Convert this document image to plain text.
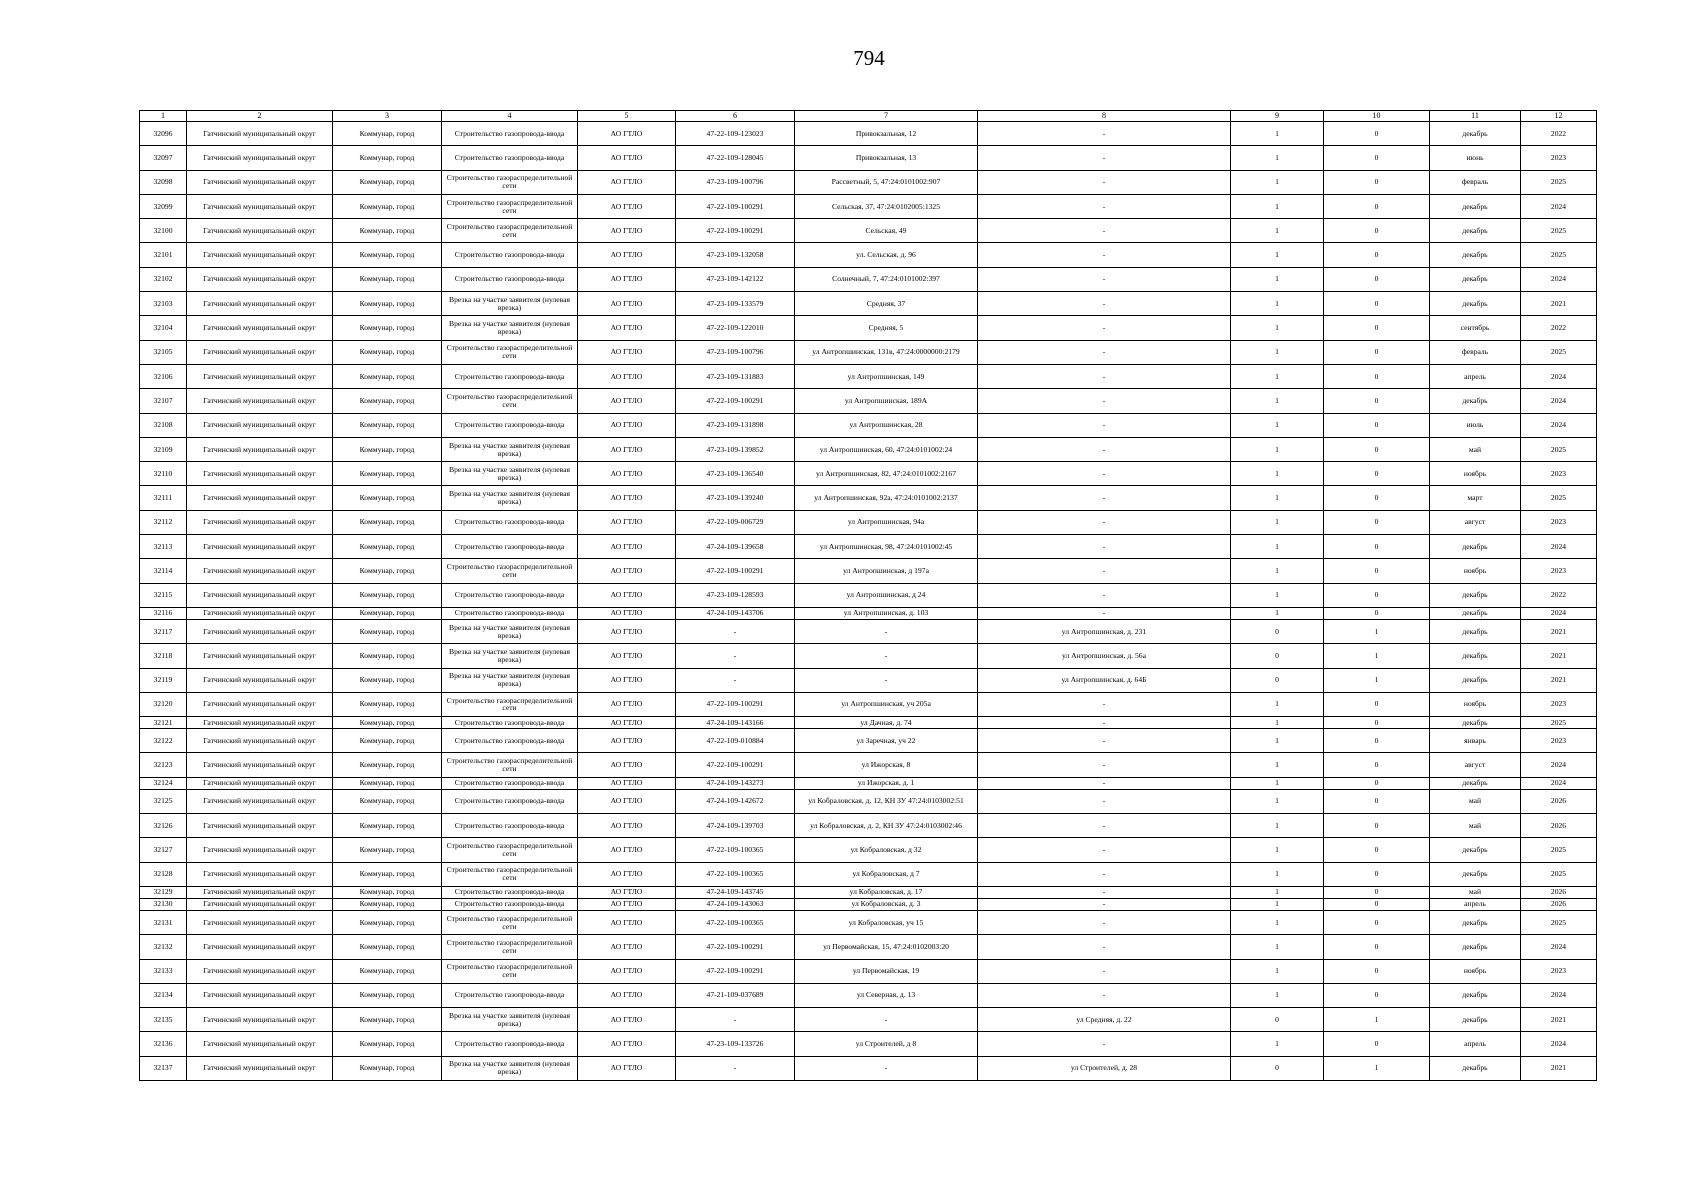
794
1	2	3	4	5	6	7	8	9	10	11	12
32096	Гатчинский муниципальный округ	Коммунар, город	Строительство газопровода-ввода	АО ГТЛО	47-22-109-123023	Привокзальная, 12	-	1	0	декабрь	2022
32097	Гатчинский муниципальный округ	Коммунар, город	Строительство газопровода-ввода	АО ГТЛО	47-22-109-128045	Привокзальная, 13	-	1	0	июнь	2023
32098	Гатчинский муниципальный округ	Коммунар, город	Строительство газораспределительной сети	АО ГТЛО	47-23-109-100796	Рассветный, 5, 47:24:0101002:907	-	1	0	февраль	2025
32099	Гатчинский муниципальный округ	Коммунар, город	Строительство газораспределительной сети	АО ГТЛО	47-22-109-100291	Сельская, 37, 47:24:0102005:1325	-	1	0	декабрь	2024
32100	Гатчинский муниципальный округ	Коммунар, город	Строительство газораспределительной сети	АО ГТЛО	47-22-109-100291	Сельская, 49	-	1	0	декабрь	2025
32101	Гатчинский муниципальный округ	Коммунар, город	Строительство газопровода-ввода	АО ГТЛО	47-23-109-132058	ул. Сельская, д. 96	-	1	0	декабрь	2025
32102	Гатчинский муниципальный округ	Коммунар, город	Строительство газопровода-ввода	АО ГТЛО	47-23-109-142122	Солнечный, 7, 47:24:0101002:397	-	1	0	декабрь	2024
32103	Гатчинский муниципальный округ	Коммунар, город	Врезка на участке заявителя (нулевая врезка)	АО ГТЛО	47-23-109-133579	Средняя, 37	-	1	0	декабрь	2021
32104	Гатчинский муниципальный округ	Коммунар, город	Врезка на участке заявителя (нулевая врезка)	АО ГТЛО	47-22-109-122010	Средняя, 5	-	1	0	сентябрь	2022
32105	Гатчинский муниципальный округ	Коммунар, город	Строительство газораспределительной сети	АО ГТЛО	47-23-109-100796	ул Антропшинская, 131в, 47:24:0000000:2179	-	1	0	февраль	2025
32106	Гатчинский муниципальный округ	Коммунар, город	Строительство газопровода-ввода	АО ГТЛО	47-23-109-131883	ул Антропшинская, 149	-	1	0	апрель	2024
32107	Гатчинский муниципальный округ	Коммунар, город	Строительство газораспределительной сети	АО ГТЛО	47-22-109-100291	ул Антропшинская, 189А	-	1	0	декабрь	2024
32108	Гатчинский муниципальный округ	Коммунар, город	Строительство газопровода-ввода	АО ГТЛО	47-23-109-131898	ул Антропшинская, 28	-	1	0	июль	2024
32109	Гатчинский муниципальный округ	Коммунар, город	Врезка на участке заявителя (нулевая врезка)	АО ГТЛО	47-23-109-139852	ул Антропшинская, 60, 47:24:0101002:24	-	1	0	май	2025
32110	Гатчинский муниципальный округ	Коммунар, город	Врезка на участке заявителя (нулевая врезка)	АО ГТЛО	47-23-109-136540	ул Антропшинская, 82, 47:24:0101002:2167	-	1	0	ноябрь	2023
32111	Гатчинский муниципальный округ	Коммунар, город	Врезка на участке заявителя (нулевая врезка)	АО ГТЛО	47-23-109-139240	ул Антропшинская, 92а, 47:24:0101002:2137	-	1	0	март	2025
32112	Гатчинский муниципальный округ	Коммунар, город	Строительство газопровода-ввода	АО ГТЛО	47-22-109-006729	ул Антропшинская, 94а	-	1	0	август	2023
32113	Гатчинский муниципальный округ	Коммунар, город	Строительство газопровода-ввода	АО ГТЛО	47-24-109-139658	ул Антропшинская, 98, 47:24:0101002:45	-	1	0	декабрь	2024
32114	Гатчинский муниципальный округ	Коммунар, город	Строительство газораспределительной сети	АО ГТЛО	47-22-109-100291	ул Антропшинская, д 197а	-	1	0	ноябрь	2023
32115	Гатчинский муниципальный округ	Коммунар, город	Строительство газопровода-ввода	АО ГТЛО	47-23-109-128593	ул Антропшинская, д 24	-	1	0	декабрь	2022
32116	Гатчинский муниципальный округ	Коммунар, город	Строительство газопровода-ввода	АО ГТЛО	47-24-109-143706	ул Антропшинская, д. 103	-	1	0	декабрь	2024
32117	Гатчинский муниципальный округ	Коммунар, город	Врезка на участке заявителя (нулевая врезка)	АО ГТЛО	-	-	ул Антропшинская, д. 231	0	1	декабрь	2021
32118	Гатчинский муниципальный округ	Коммунар, город	Врезка на участке заявителя (нулевая врезка)	АО ГТЛО	-	-	ул Антропшинская, д. 56а	0	1	декабрь	2021
32119	Гатчинский муниципальный округ	Коммунар, город	Врезка на участке заявителя (нулевая врезка)	АО ГТЛО	-	-	ул Антропшинская, д. 64Б	0	1	декабрь	2021
32120	Гатчинский муниципальный округ	Коммунар, город	Строительство газораспределительной сети	АО ГТЛО	47-22-109-100291	ул Антропшинская, уч 205а	-	1	0	ноябрь	2023
32121	Гатчинский муниципальный округ	Коммунар, город	Строительство газопровода-ввода	АО ГТЛО	47-24-109-143166	ул Дачная, д. 74	-	1	0	декабрь	2025
32122	Гатчинский муниципальный округ	Коммунар, город	Строительство газопровода-ввода	АО ГТЛО	47-22-109-010884	ул Заречная, уч 22	-	1	0	январь	2023
32123	Гатчинский муниципальный округ	Коммунар, город	Строительство газораспределительной сети	АО ГТЛО	47-22-109-100291	ул Ижорская, 8	-	1	0	август	2024
32124	Гатчинский муниципальный округ	Коммунар, город	Строительство газопровода-ввода	АО ГТЛО	47-24-109-143273	ул Ижорская, д. 1	-	1	0	декабрь	2024
32125	Гатчинский муниципальный округ	Коммунар, город	Строительство газопровода-ввода	АО ГТЛО	47-24-109-142672	ул Кобраловская, д. 12, КН ЗУ 47:24:0103002:51	-	1	0	май	2026
32126	Гатчинский муниципальный округ	Коммунар, город	Строительство газопровода-ввода	АО ГТЛО	47-24-109-139703	ул Кобраловская, д. 2, КН ЗУ 47:24:0103002:46	-	1	0	май	2026
32127	Гатчинский муниципальный округ	Коммунар, город	Строительство газораспределительной сети	АО ГТЛО	47-22-109-100365	ул Кобраловская, д 32	-	1	0	декабрь	2025
32128	Гатчинский муниципальный округ	Коммунар, город	Строительство газораспределительной сети	АО ГТЛО	47-22-109-100365	ул Кобраловская, д 7	-	1	0	декабрь	2025
32129	Гатчинский муниципальный округ	Коммунар, город	Строительство газопровода-ввода	АО ГТЛО	47-24-109-143745	ул Кобраловская, д. 17	-	1	0	май	2026
32130	Гатчинский муниципальный округ	Коммунар, город	Строительство газопровода-ввода	АО ГТЛО	47-24-109-143063	ул Кобраловская, д. 3	-	1	0	апрель	2026
32131	Гатчинский муниципальный округ	Коммунар, город	Строительство газораспределительной сети	АО ГТЛО	47-22-109-100365	ул Кобраловская, уч 15	-	1	0	декабрь	2025
32132	Гатчинский муниципальный округ	Коммунар, город	Строительство газораспределительной сети	АО ГТЛО	47-22-109-100291	ул Первомайская, 15, 47:24:0102003:20	-	1	0	декабрь	2024
32133	Гатчинский муниципальный округ	Коммунар, город	Строительство газораспределительной сети	АО ГТЛО	47-22-109-100291	ул Первомайская, 19	-	1	0	ноябрь	2023
32134	Гатчинский муниципальный округ	Коммунар, город	Строительство газопровода-ввода	АО ГТЛО	47-21-109-037689	ул Северная, д. 13	-	1	0	декабрь	2024
32135	Гатчинский муниципальный округ	Коммунар, город	Врезка на участке заявителя (нулевая врезка)	АО ГТЛО	-	-	ул Средняя, д. 22	0	1	декабрь	2021
32136	Гатчинский муниципальный округ	Коммунар, город	Строительство газопровода-ввода	АО ГТЛО	47-23-109-133726	ул Строителей, д 8	-	1	0	апрель	2024
32137	Гатчинский муниципальный округ	Коммунар, город	Врезка на участке заявителя (нулевая врезка)	АО ГТЛО	-	-	ул Строителей, д. 28	0	1	декабрь	2021
